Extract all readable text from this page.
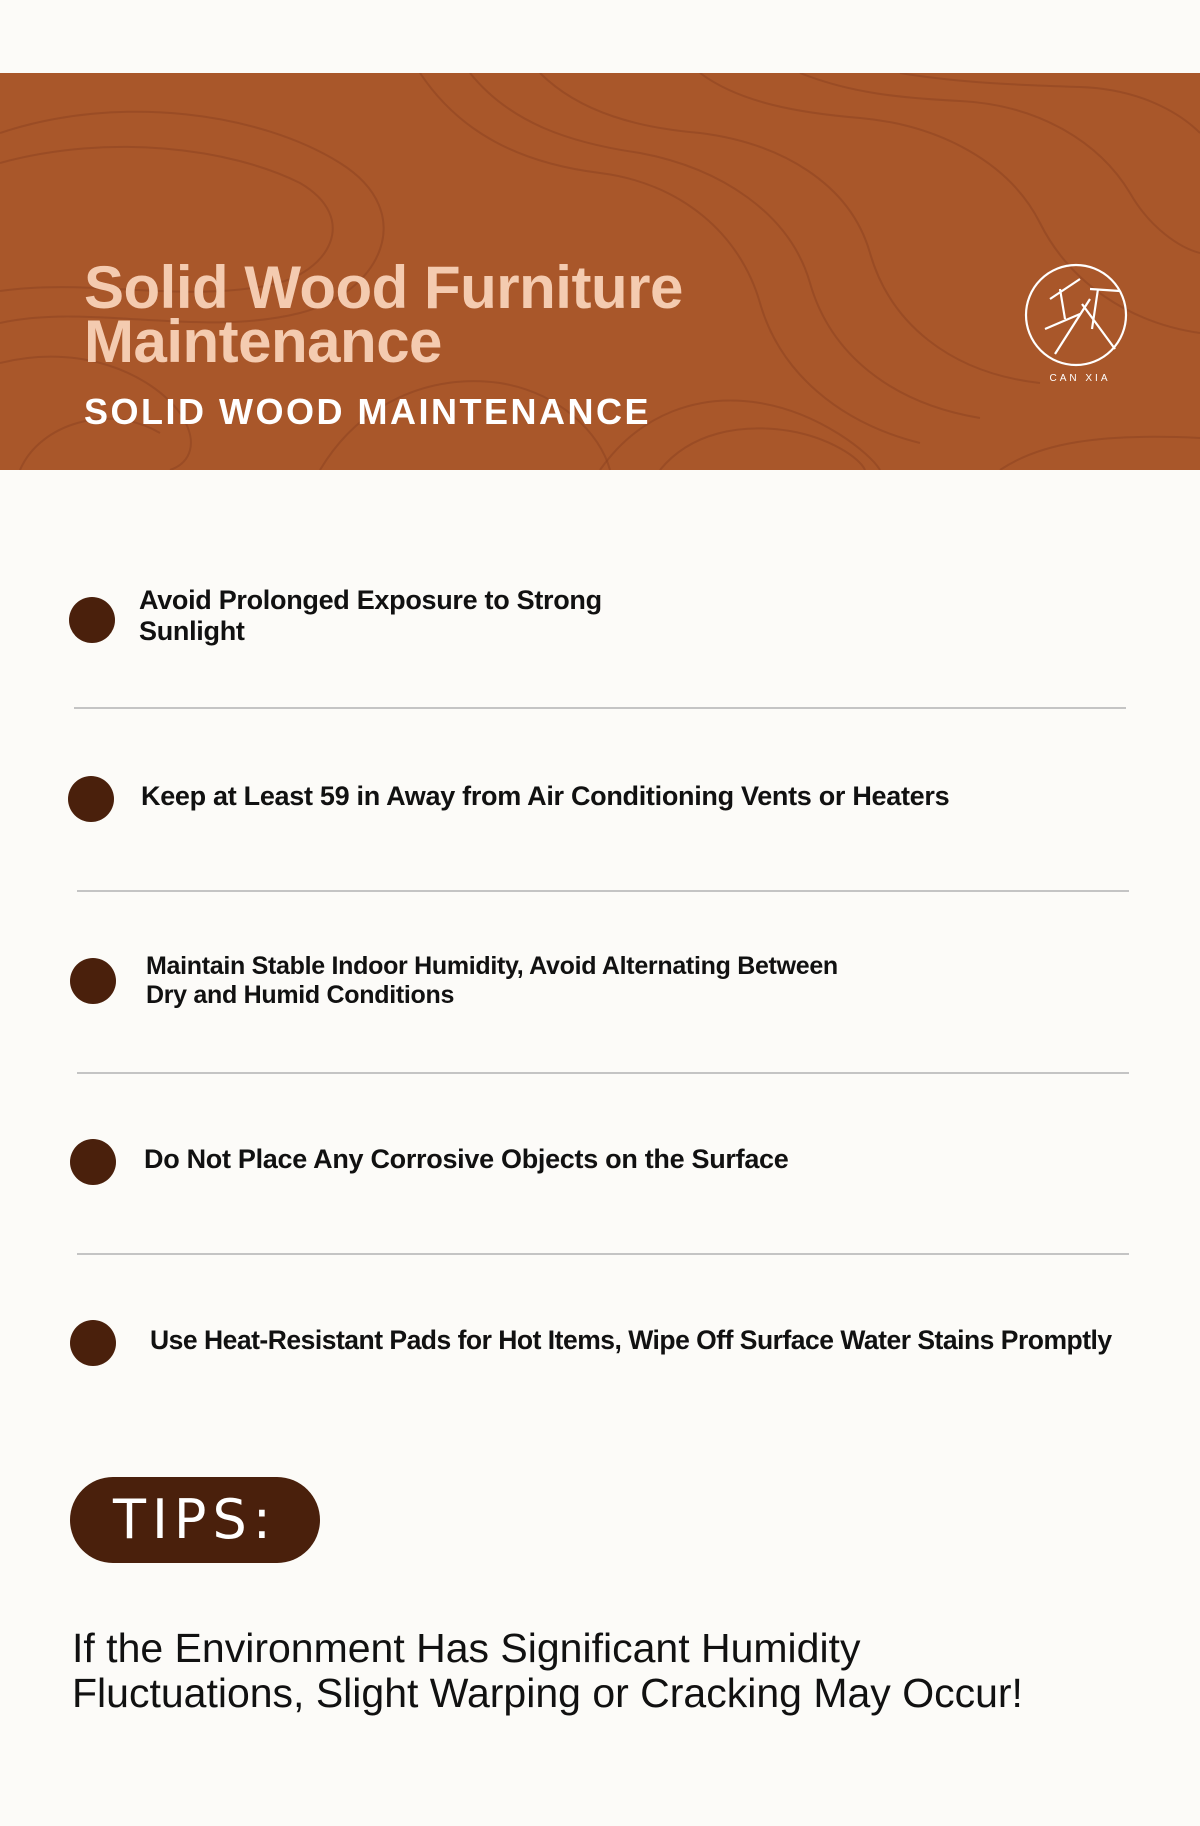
CAN XIA
Solid Wood Furniture
Maintenance
SOLID WOOD MAINTENANCE
Avoid Prolonged Exposure to Strong
Sunlight
Keep at Least 59 in Away from Air Conditioning Vents or Heaters
Maintain Stable Indoor Humidity, Avoid Alternating Between
Dry and Humid Conditions
Do Not Place Any Corrosive Objects on the Surface
Use Heat-Resistant Pads for Hot Items, Wipe Off Surface Water Stains Promptly
TIPS:

If the Environment Has Significant Humidity
Fluctuations, Slight Warping or Cracking May Occur!
